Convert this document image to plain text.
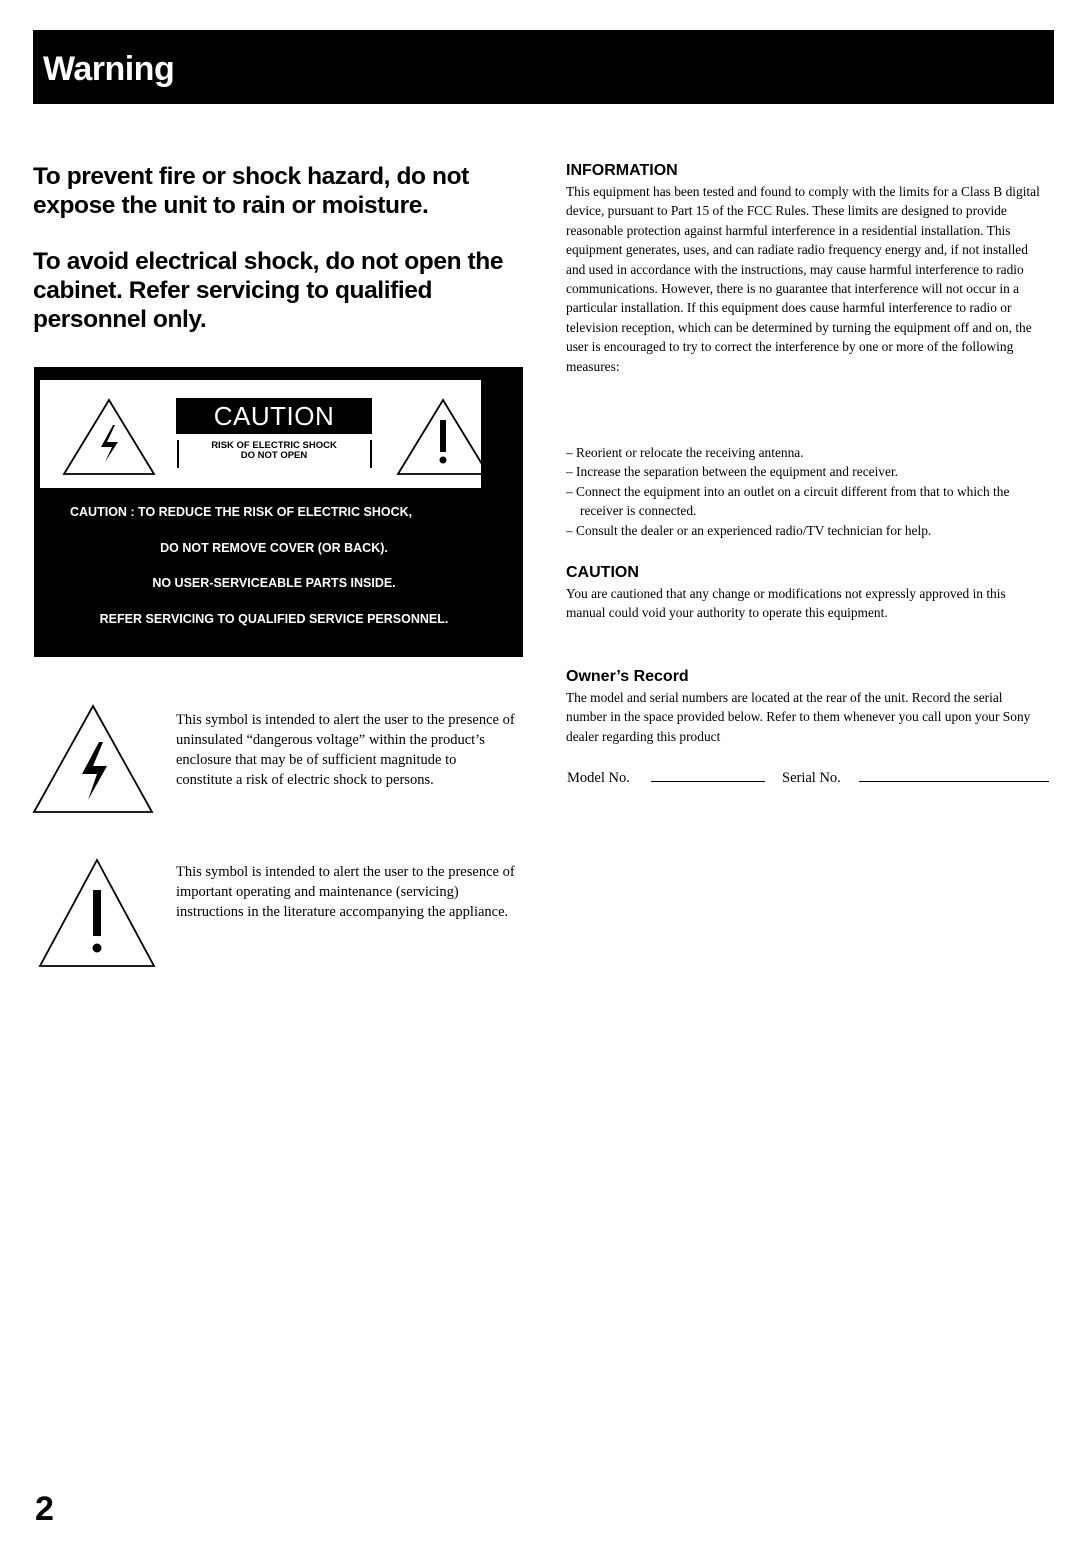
Warning

To prevent fire or shock hazard, do not expose the unit to rain or moisture.

To avoid electrical shock, do not open the cabinet. Refer servicing to qualified personnel only.

CAUTION
RISK OF ELECTRIC SHOCK
DO NOT OPEN
CAUTION : TO REDUCE THE RISK OF ELECTRIC SHOCK,
DO NOT REMOVE COVER (OR BACK).
NO USER-SERVICEABLE PARTS INSIDE.
REFER SERVICING TO QUALIFIED SERVICE PERSONNEL.

This symbol is intended to alert the user to the presence of uninsulated “dangerous voltage” within the product’s enclosure that may be of sufficient magnitude to constitute a risk of electric shock to persons.

This symbol is intended to alert the user to the presence of important operating and maintenance (servicing) instructions in the literature accompanying the appliance.

INFORMATION

This equipment has been tested and found to comply with the limits for a Class B digital device, pursuant to Part 15 of the FCC Rules. These limits are designed to provide reasonable protection against harmful interference in a residential installation. This equipment generates, uses, and can radiate radio frequency energy and, if not installed and used in accordance with the instructions, may cause harmful interference to radio communications. However, there is no guarantee that interference will not occur in a particular installation. If this equipment does cause harmful interference to radio or television reception, which can be determined by turning the equipment off and on, the user is encouraged to try to correct the interference by one or more of the following measures:

– Reorient or relocate the receiving antenna.
– Increase the separation between the equipment and receiver.
– Connect the equipment into an outlet on a circuit different from that to which the receiver is connected.
– Consult the dealer or an experienced radio/TV technician for help.
CAUTION

You are cautioned that any change or modifications not expressly approved in this manual could void your authority to operate this equipment.

Owner’s Record

The model and serial numbers are located at the rear of the unit. Record the serial number in the space provided below. Refer to them whenever you call upon your Sony dealer regarding this product

Model No.	Serial No.
2
